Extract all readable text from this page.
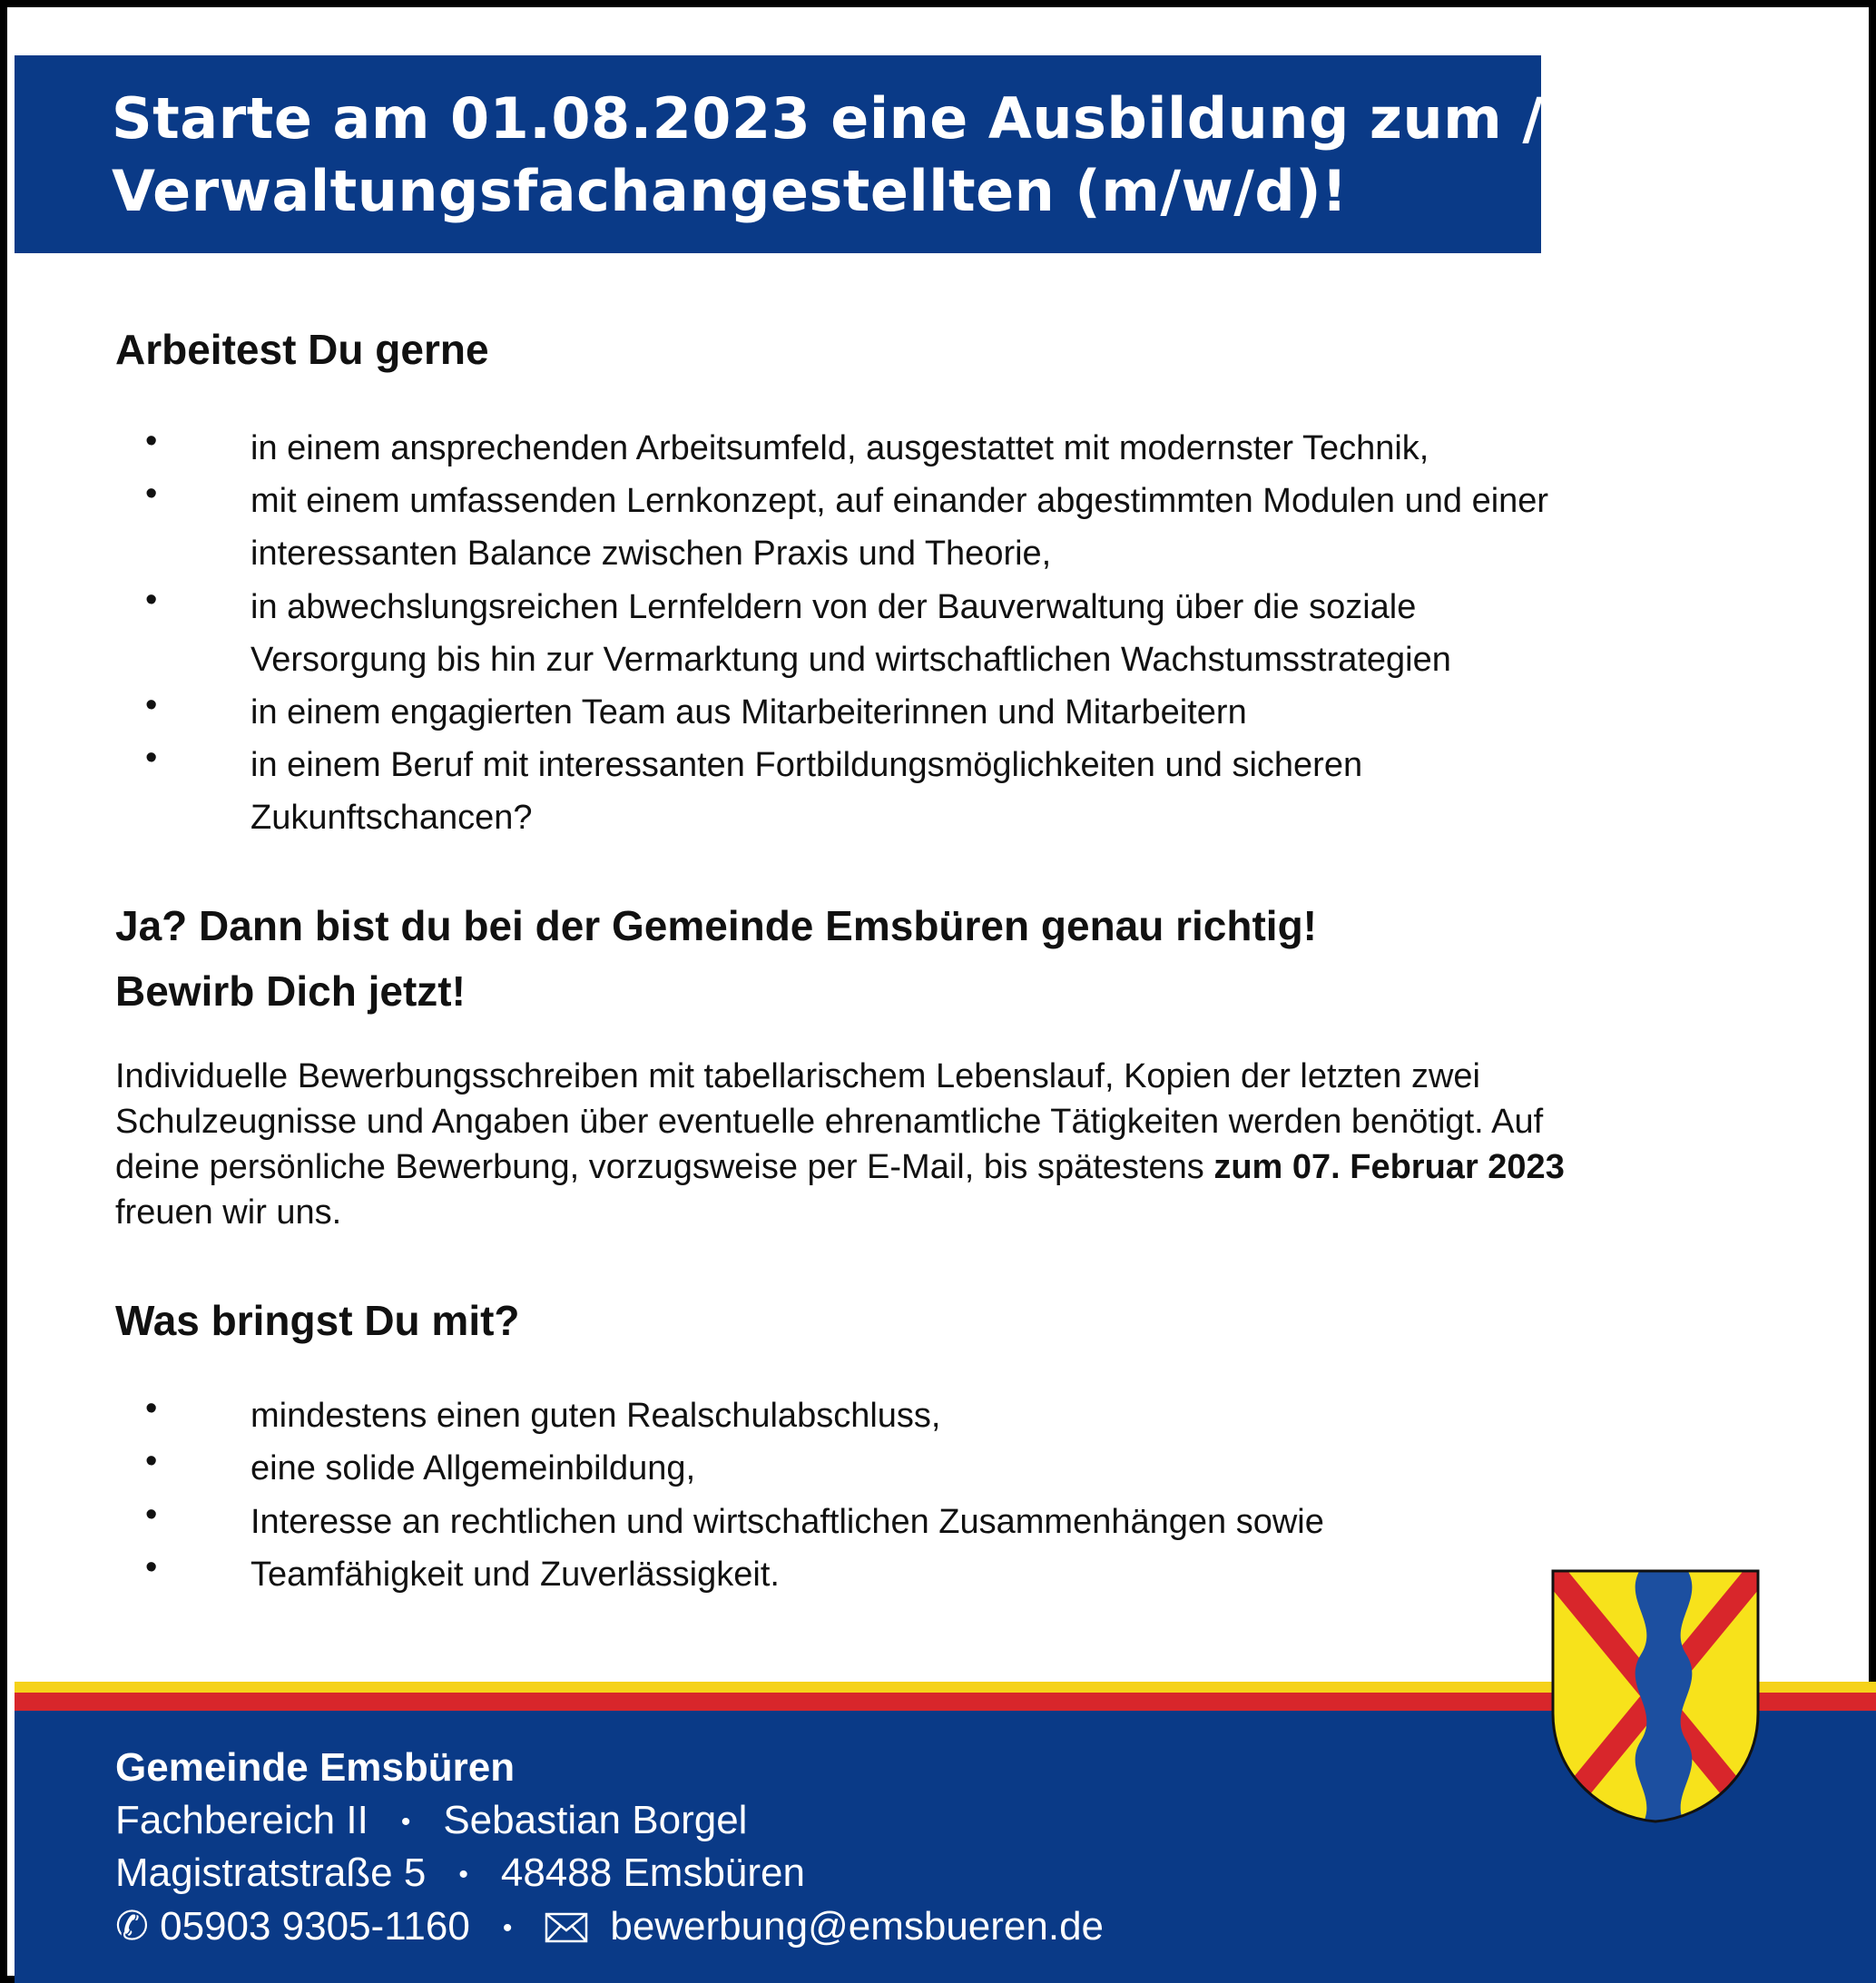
Starte am 01.08.2023 eine Ausbildung zum / zur
Verwaltungsfachangestellten (m/w/d)!
Arbeitest Du gerne
•	in einem ansprechenden Arbeitsumfeld, ausgestattet mit modernster Technik,
•	mit einem umfassenden Lernkonzept, auf einander abgestimmten Modulen und einer interessanten Balance zwischen Praxis und Theorie,
•	in abwechslungsreichen Lernfeldern von der Bauverwaltung über die soziale Versorgung bis hin zur Vermarktung und wirtschaftlichen Wachstumsstrategien
•	in einem engagierten Team aus Mitarbeiterinnen und Mitarbeitern
•	in einem Beruf mit interessanten Fortbildungsmöglichkeiten und sicheren Zukunftschancen?
Ja? Dann bist du bei der Gemeinde Emsbüren genau richtig!
Bewirb Dich jetzt!

Individuelle Bewerbungsschreiben mit tabellarischem Lebenslauf, Kopien der letzten zwei Schulzeugnisse und Angaben über eventuelle ehrenamtliche Tätigkeiten werden benötigt. Auf deine persönliche Bewerbung, vorzugsweise per E-Mail, bis spätestens zum 07. Februar 2023 freuen wir uns.

Was bringst Du mit?
•	mindestens einen guten Realschulabschluss,
•	eine solide Allgemeinbildung,
•	Interesse an rechtlichen und wirtschaftlichen Zusammenhängen sowie
•	Teamfähigkeit und Zuverlässigkeit.
Gemeinde Emsbüren
Fachbereich II • Sebastian Borgel
Magistratstraße 5 • 48488 Emsbüren
✆ 05903 9305-1160 • bewerbung@emsbueren.de
